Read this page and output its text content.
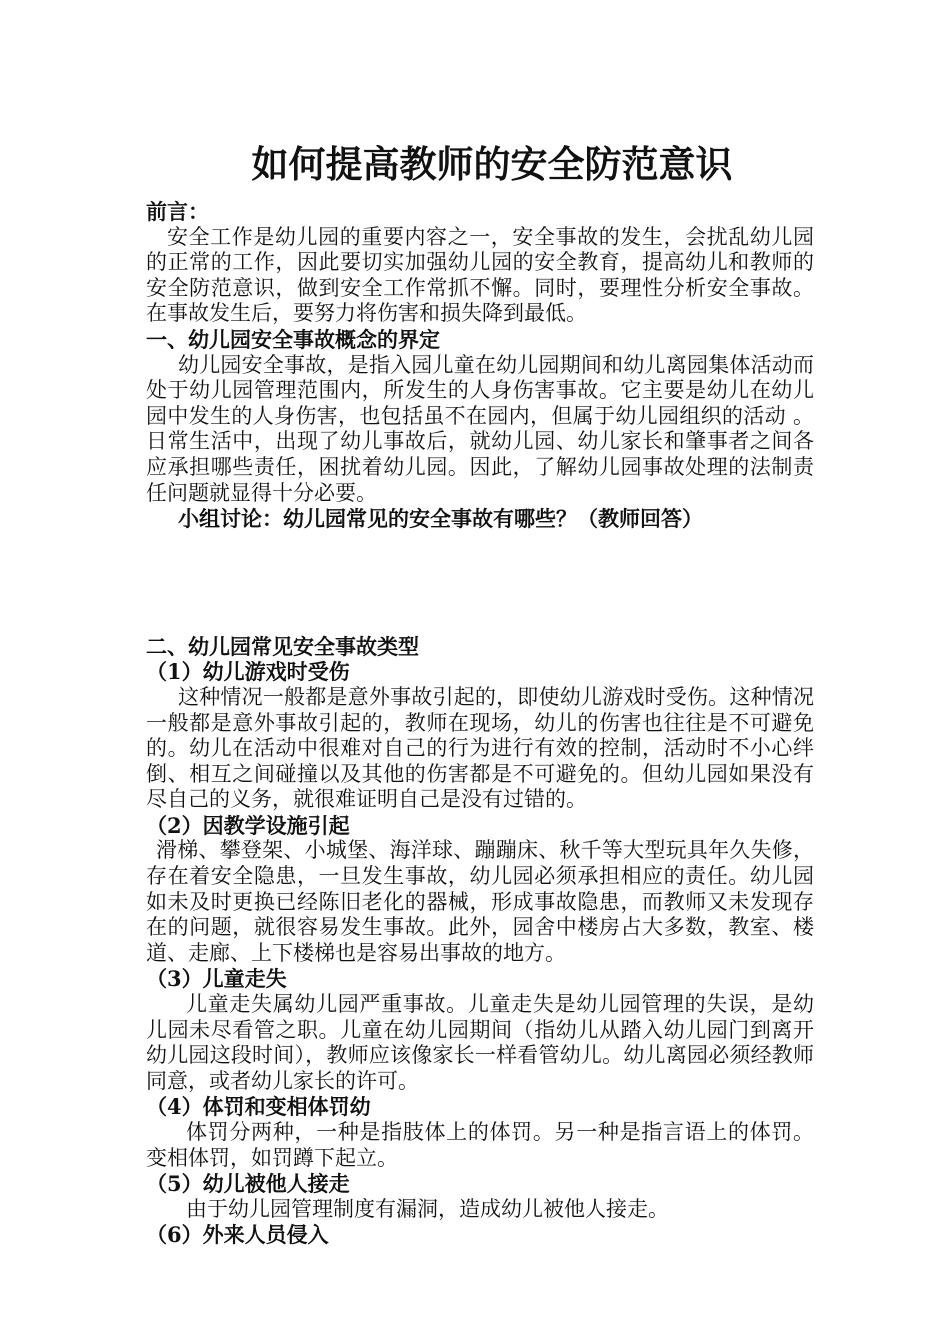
如何提高教师的安全防范意识

前言：

安全工作是幼儿园的重要内容之一，安全事故的发生，会扰乱幼儿园的正常的工作，因此要切实加强幼儿园的安全教育，提高幼儿和教师的安全防范意识，做到安全工作常抓不懈。同时，要理性分析安全事故。在事故发生后，要努力将伤害和损失降到最低。

一、幼儿园安全事故概念的界定

幼儿园安全事故，是指入园儿童在幼儿园期间和幼儿离园集体活动而处于幼儿园管理范围内，所发生的人身伤害事故。它主要是幼儿在幼儿园中发生的人身伤害，也包括虽不在园内，但属于幼儿园组织的活动 。日常生活中，出现了幼儿事故后，就幼儿园、幼儿家长和肇事者之间各应承担哪些责任，困扰着幼儿园。因此，了解幼儿园事故处理的法制责任问题就显得十分必要。

小组讨论：幼儿园常见的安全事故有哪些？（教师回答）

二、幼儿园常见安全事故类型

（1）幼儿游戏时受伤

这种情况一般都是意外事故引起的，即使幼儿游戏时受伤。这种情况一般都是意外事故引起的，教师在现场，幼儿的伤害也往往是不可避免的。幼儿在活动中很难对自己的行为进行有效的控制，活动时不小心绊倒、相互之间碰撞以及其他的伤害都是不可避免的。但幼儿园如果没有尽自己的义务，就很难证明自己是没有过错的。

（2）因教学设施引起

滑梯、攀登架、小城堡、海洋球、蹦蹦床、秋千等大型玩具年久失修，存在着安全隐患，一旦发生事故，幼儿园必须承担相应的责任。幼儿园如未及时更换已经陈旧老化的器械，形成事故隐患，而教师又未发现存在的问题，就很容易发生事故。此外，园舍中楼房占大多数，教室、楼道、走廊、上下楼梯也是容易出事故的地方。

（3）儿童走失

儿童走失属幼儿园严重事故。儿童走失是幼儿园管理的失误，是幼儿园未尽看管之职。儿童在幼儿园期间（指幼儿从踏入幼儿园门到离开幼儿园这段时间），教师应该像家长一样看管幼儿。幼儿离园必须经教师同意，或者幼儿家长的许可。

（4）体罚和变相体罚幼

体罚分两种，一种是指肢体上的体罚。另一种是指言语上的体罚。变相体罚，如罚蹲下起立。

（5）幼儿被他人接走

由于幼儿园管理制度有漏洞，造成幼儿被他人接走。

（6）外来人员侵入
